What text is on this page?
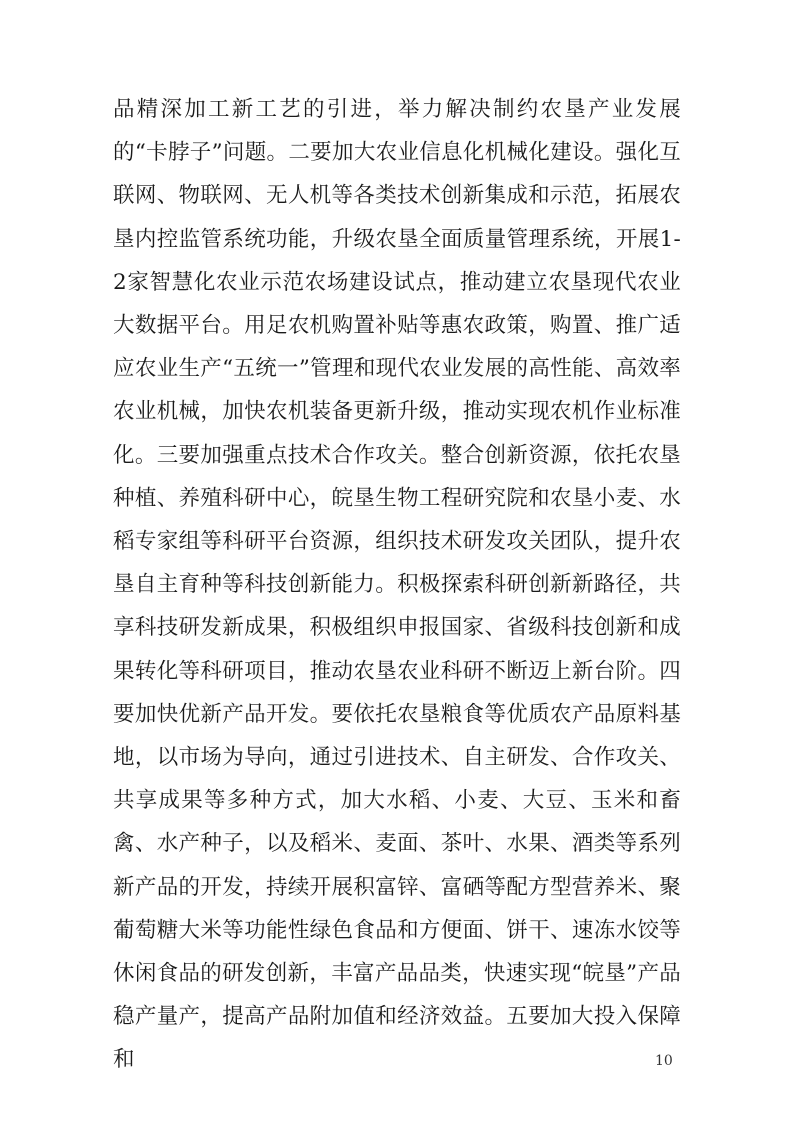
品精深加工新工艺的引进，举力解决制约农垦产业发展的“卡脖子”问题。二要加大农业信息化机械化建设。强化互联网、物联网、无人机等各类技术创新集成和示范，拓展农垦内控监管系统功能，升级农垦全面质量管理系统，开展1-2家智慧化农业示范农场建设试点，推动建立农垦现代农业大数据平台。用足农机购置补贴等惠农政策，购置、推广适应农业生产“五统一”管理和现代农业发展的高性能、高效率农业机械，加快农机装备更新升级，推动实现农机作业标准化。三要加强重点技术合作攻关。整合创新资源，依托农垦种植、养殖科研中心，皖垦生物工程研究院和农垦小麦、水稻专家组等科研平台资源，组织技术研发攻关团队，提升农垦自主育种等科技创新能力。积极探索科研创新新路径，共享科技研发新成果，积极组织申报国家、省级科技创新和成果转化等科研项目，推动农垦农业科研不断迈上新台阶。四要加快优新产品开发。要依托农垦粮食等优质农产品原料基地，以市场为导向，通过引进技术、自主研发、合作攻关、共享成果等多种方式，加大水稻、小麦、大豆、玉米和畜禽、水产种子，以及稻米、麦面、茶叶、水果、酒类等系列新产品的开发，持续开展积富锌、富硒等配方型营养米、聚葡萄糖大米等功能性绿色食品和方便面、饼干、速冻水饺等休闲食品的研发创新，丰富产品品类，快速实现“皖垦”产品稳产量产，提高产品附加值和经济效益。五要加大投入保障和	10
